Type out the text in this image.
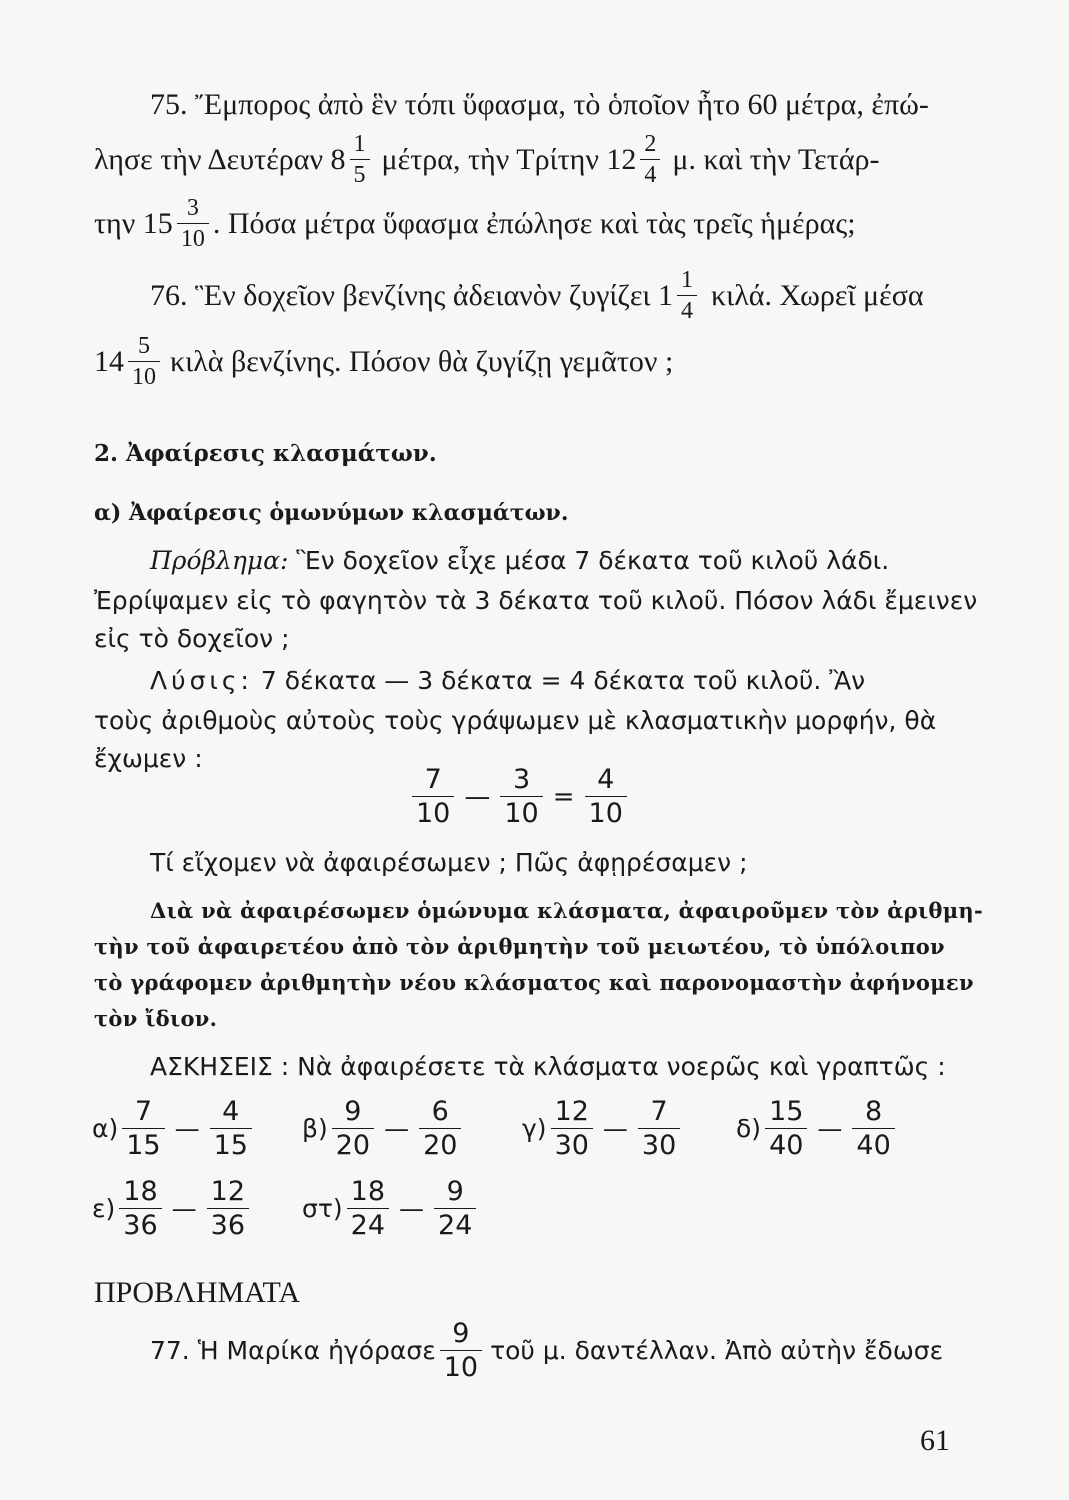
75. Ἔμπορος ἀπὸ ἓν τόπι ὕφασμα, τὸ ὁποῖον ἦτο 60 μέτρα, ἐπώ-
λησε τὴν Δευτέραν $8 \frac{1}{5} \mu έ\tau\rho\alpha$, τὴν Τρίτην $12 \frac{2}{4} \mu$. καὶ τὴν Τετάρ-
την $15 \frac{3}{10}$ . Πόσα μέτρα ὕφασμα ἐπώλησε καὶ τὰς τρεῖς ἡμέρας;
76. Ἓν δοχεῖον βενζίνης ἀδειανὸν ζυγίζει $1 \frac{1}{4} \kappa\iota\lambda ά$. Χωρεῖ μέσα
$14 \frac{5}{10}$ κιλὰ βενζίνης. Πόσον θὰ ζυγίζῃ γεμᾶτον ;
2. Ἀφαίρεσις κλασμάτων.
α) Ἀφαίρεσις ὁμωνύμων κλασμάτων.
Πρόβλημα: Ἓν δοχεῖον εἶχε μέσα 7 δέκατα τοῦ κιλοῦ λάδι.
Ἐρρίψαμεν εἰς τὸ φαγητὸν τὰ 3 δέκατα τοῦ κιλοῦ. Πόσον λάδι ἔμεινεν
εἰς τὸ δοχεῖον ;
Λύσις: 7 δέκατα — 3 δέκατα = 4 δέκατα τοῦ κιλοῦ. Ἂν
τοὺς ἀριθμοὺς αὐτοὺς τοὺς γράψωμεν μὲ κλασματικὴν μορφήν, θὰ
ἔχωμεν :
$\frac{7}{10}$ — $\frac{3}{10} = \frac{4}{10}$
Τί εἴχομεν νὰ ἀφαιρέσωμεν ; Πῶς ἀφῃρέσαμεν ;
Διὰ νὰ ἀφαιρέσωμεν ὁμώνυμα κλάσματα, ἀφαιροῦμεν τὸν ἀριθμη-
τὴν τοῦ ἀφαιρετέου ἀπὸ τὸν ἀριθμητὴν τοῦ μειωτέου, τὸ ὑπόλοιπον
τὸ γράφομεν ἀριθμητὴν νέου κλάσματος καὶ παρονομαστὴν ἀφήνομεν
τὸν ἴδιον.
ΑΣΚΗΣΕΙΣ : Νὰ ἀφαιρέσετε τὰ κλάσματα νοερῶς καὶ γραπτῶς :
$\alpha) \frac{7}{15}$ — $\frac{4}{15} \beta) \frac{9}{20}$ — $\frac{6}{20} \gamma) \frac{12}{30}$ — $\frac{7}{30} \delta) \frac{15}{40}$ — $\frac{8}{40}$
$\varepsilon) \frac{18}{36}$ — $\frac{12}{36} \sigma\tau) \frac{18}{24}$ — $\frac{9}{24}$
ΠΡΟΒΛΗΜΑΤΑ
77. Ἡ Μαρίκα ἠγόρασε $\frac{9}{10}$ τοῦ μ. δαντέλλαν. Ἀπὸ αὐτὴν ἔδωσε
61
